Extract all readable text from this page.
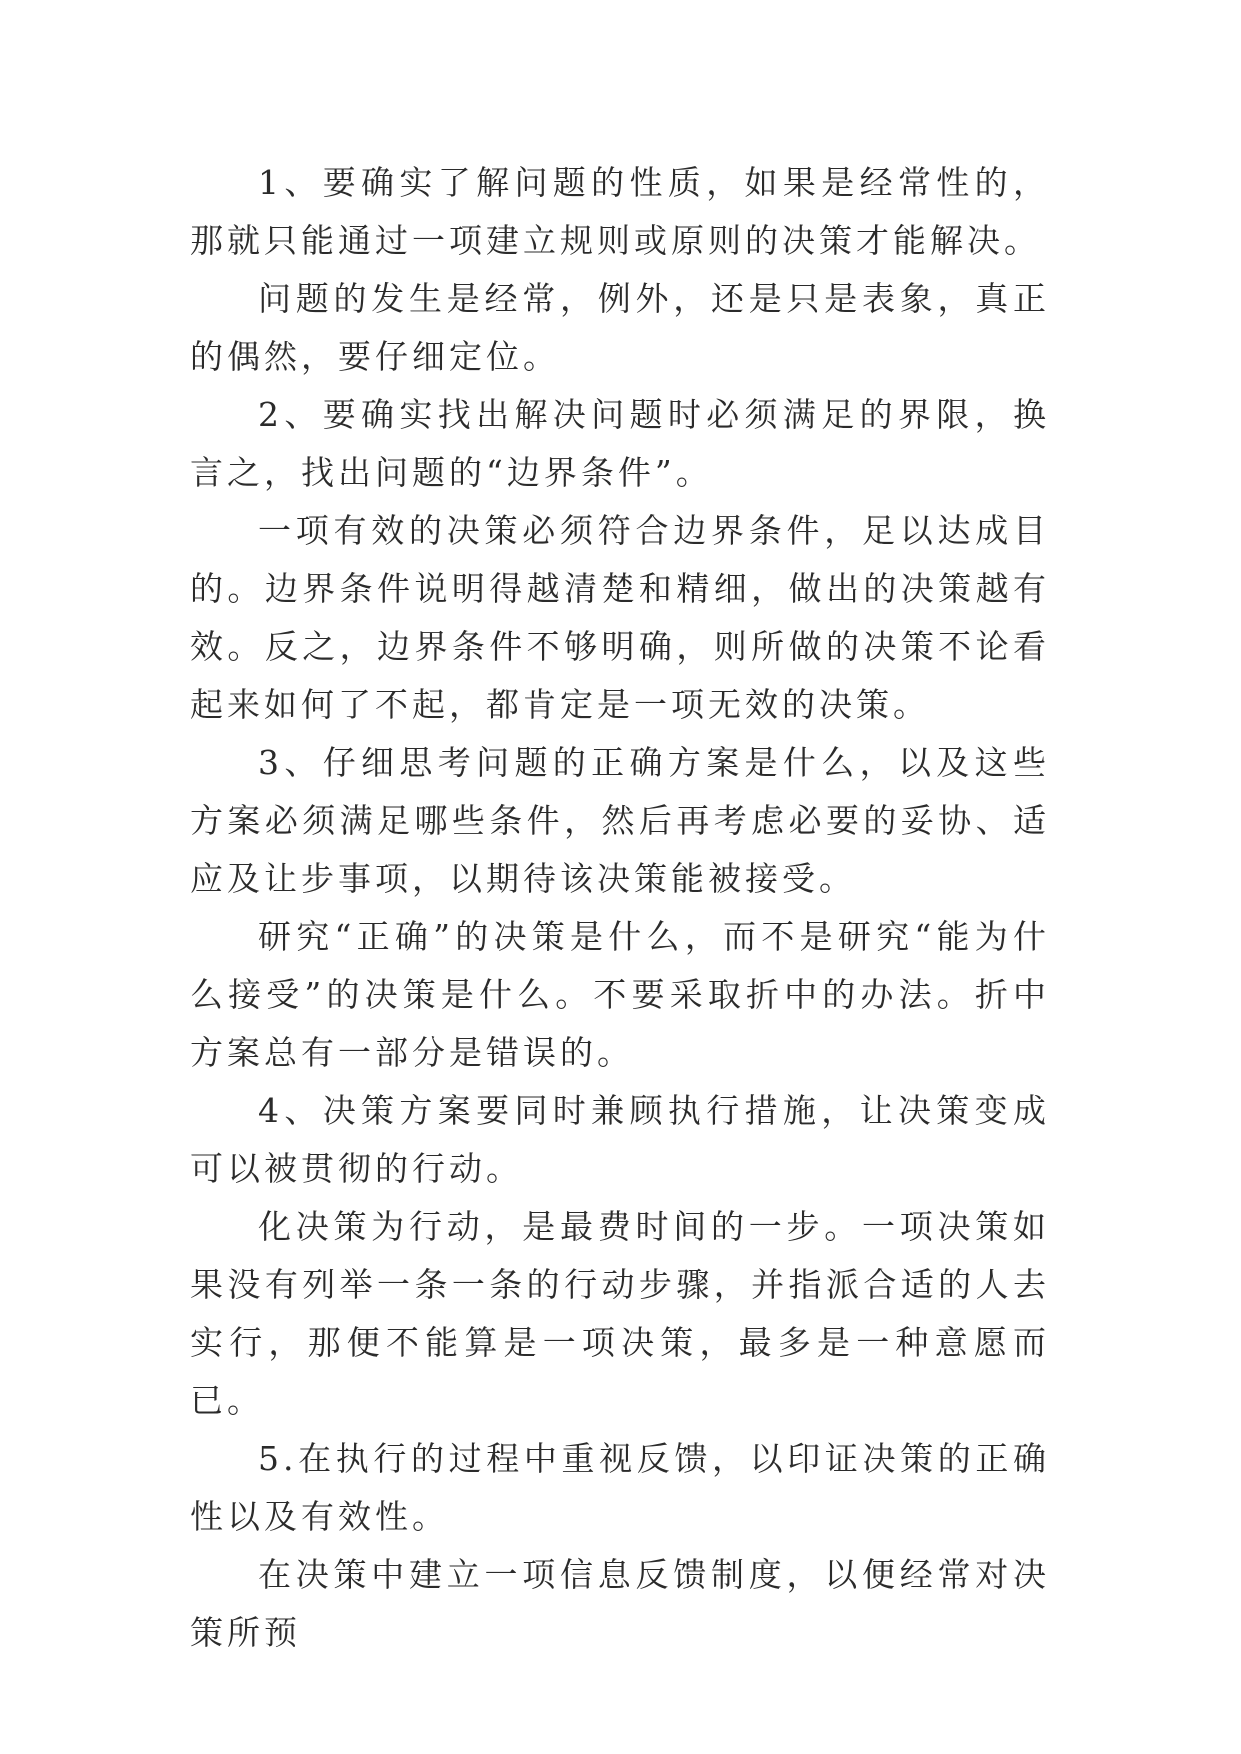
1、要确实了解问题的性质，如果是经常性的，那就只能通过一项建立规则或原则的决策才能解决。

问题的发生是经常，例外，还是只是表象，真正的偶然，要仔细定位。

2、要确实找出解决问题时必须满足的界限，换言之，找出问题的“边界条件”。

一项有效的决策必须符合边界条件，足以达成目的。边界条件说明得越清楚和精细，做出的决策越有效。反之，边界条件不够明确，则所做的决策不论看起来如何了不起，都肯定是一项无效的决策。

3、仔细思考问题的正确方案是什么，以及这些方案必须满足哪些条件，然后再考虑必要的妥协、适应及让步事项，以期待该决策能被接受。

研究“正确”的决策是什么，而不是研究“能为什么接受”的决策是什么。不要采取折中的办法。折中方案总有一部分是错误的。

4、决策方案要同时兼顾执行措施，让决策变成可以被贯彻的行动。

化决策为行动，是最费时间的一步。一项决策如果没有列举一条一条的行动步骤，并指派合适的人去实行，那便不能算是一项决策，最多是一种意愿而已。

5.在执行的过程中重视反馈，以印证决策的正确性以及有效性。

在决策中建立一项信息反馈制度，以便经常对决策所预
